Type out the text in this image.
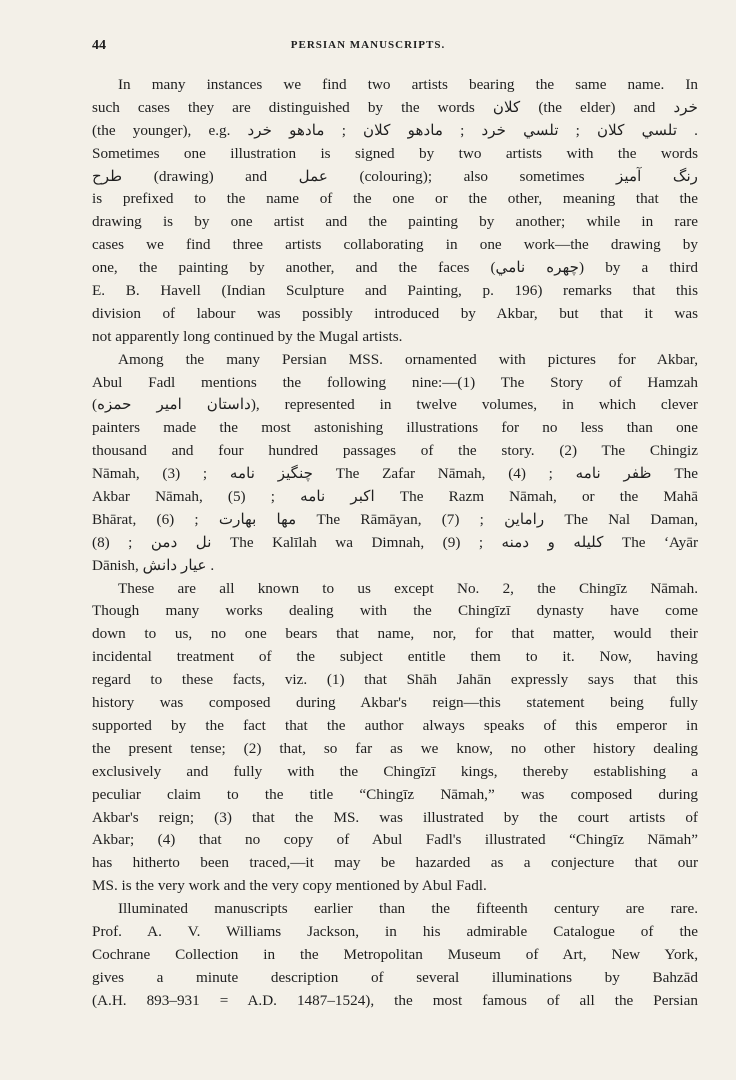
44	PERSIAN MANUSCRIPTS.
In many instances we find two artists bearing the same name. In
such cases they are distinguished by the words كلان (the elder) and خرد
(the younger), e.g. تلسي كلان ; تلسي خرد ; مادهو كلان ; مادهو خرد .
Sometimes one illustration is signed by two artists with the words
طرح (drawing) and عمل (colouring); also sometimes رنگ آميز
is prefixed to the name of the one or the other, meaning that the
drawing is by one artist and the painting by another; while in rare
cases we find three artists collaborating in one work—the drawing by
one, the painting by another, and the faces (چهره نامي) by a third
E. B. Havell (Indian Sculpture and Painting, p. 196) remarks that this
division of labour was possibly introduced by Akbar, but that it was
not apparently long continued by the Mugal artists.
Among the many Persian MSS. ornamented with pictures for Akbar,
Abul Fadl mentions the following nine:—(1) The Story of Hamzah
(داستان امير حمزه), represented in twelve volumes, in which clever
painters made the most astonishing illustrations for no less than one
thousand and four hundred passages of the story. (2) The Chingiz
Nāmah, چنگيز نامه ; (3) The Zafar Nāmah, ظفر نامه ; (4) The
Akbar Nāmah, اكبر نامه ; (5) The Razm Nāmah, or the Mahā
Bhārat, مها بهارت ; (6) The Rāmāyan, راماين ; (7) The Nal Daman,
نل دمن ; (8) The Kalīlah wa Dimnah, كليله و دمنه ; (9) The ‘Ayār
Dānish, عيار دانش .
These are all known to us except No. 2, the Chingīz Nāmah.
Though many works dealing with the Chingīzī dynasty have come
down to us, no one bears that name, nor, for that matter, would their
incidental treatment of the subject entitle them to it. Now, having
regard to these facts, viz. (1) that Shāh Jahān expressly says that this
history was composed during Akbar's reign—this statement being fully
supported by the fact that the author always speaks of this emperor in
the present tense; (2) that, so far as we know, no other history dealing
exclusively and fully with the Chingīzī kings, thereby establishing a
peculiar claim to the title “Chingīz Nāmah,” was composed during
Akbar's reign; (3) that the MS. was illustrated by the court artists of
Akbar; (4) that no copy of Abul Fadl's illustrated “Chingīz Nāmah”
has hitherto been traced,—it may be hazarded as a conjecture that our
MS. is the very work and the very copy mentioned by Abul Fadl.
Illuminated manuscripts earlier than the fifteenth century are rare.
Prof. A. V. Williams Jackson, in his admirable Catalogue of the
Cochrane Collection in the Metropolitan Museum of Art, New York,
gives a minute description of several illuminations by Bahzād
(A.H. 893–931 = A.D. 1487–1524), the most famous of all the Persian
